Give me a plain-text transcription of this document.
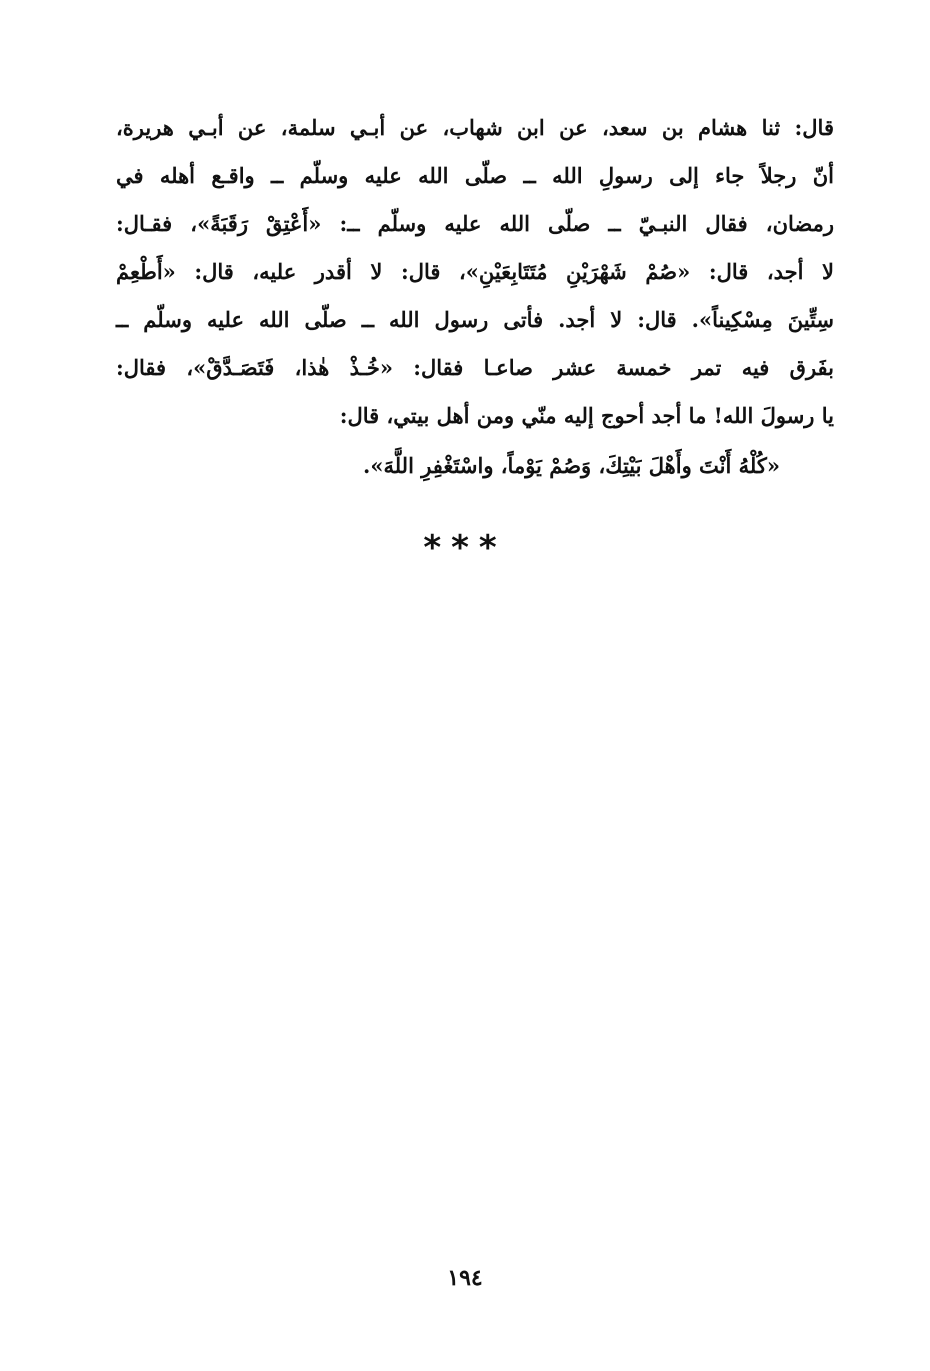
قال: ثنا هشام بن سعد، عن ابن شهاب، عن أبـي سلمة، عن أبـي هريرة،
أنّ رجلاً جاء إلى رسولِ الله ــ صلّى الله عليه وسلّم ــ واقـع أهله في
رمضان، فقال النبـيّ ــ صلّى الله عليه وسلّم ــ: «أَعْتِقْ رَقَبَةً»، فقـال:
لا أجد، قال: «صُمْ شَهْرَيْنِ مُتَتَابِعَيْنِ»، قال: لا أقدر عليه، قال: «أَطْعِمْ
سِتِّينَ مِسْكِيناً». قال: لا أجد. فأتى رسول الله ــ صلّى الله عليه وسلّم ــ
بفَرق فيه تمر خمسة عشر صاعـا فقال: «خُـذْ هٰذا، فَتَصَـدَّقْ»، فقال:
يا رسولَ الله! ما أجد أحوج إليه منّي ومن أهل بيتي، قال:
«كُلْهُ أَنْتَ وأَهْلَ بَيْتِكَ، وَصُمْ يَوْماً، واسْتَغْفِرِ اللَّهَ».
***
١٩٤
